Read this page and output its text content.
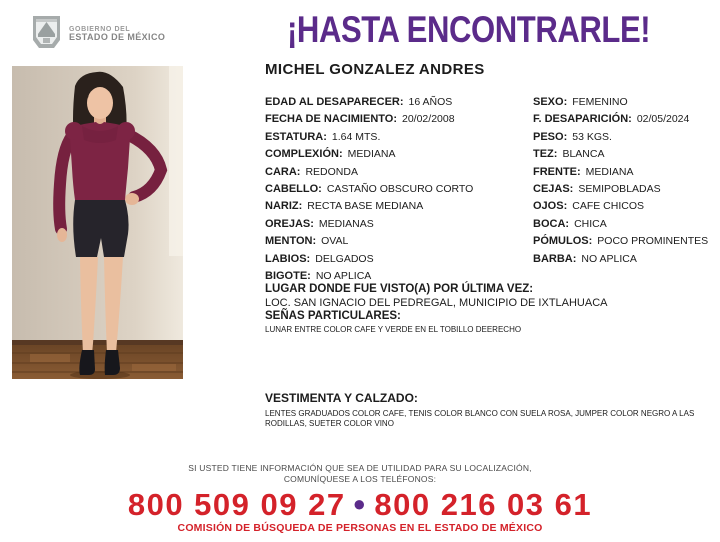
GOBIERNO DEL
ESTADO DE MÉXICO	¡HASTA ENCONTRARLE!
MICHEL GONZALEZ ANDRES
EDAD AL DESAPARECER: 16 AÑOS
FECHA DE NACIMIENTO: 20/02/2008
ESTATURA: 1.64 MTS.
COMPLEXIÓN: MEDIANA
CARA: REDONDA
CABELLO: CASTAÑO OBSCURO CORTO
NARIZ: RECTA BASE MEDIANA
OREJAS: MEDIANAS
MENTON: OVAL
LABIOS: DELGADOS
BIGOTE: NO APLICA
SEXO: FEMENINO
F. DESAPARICIÓN: 02/05/2024
PESO: 53 KGS.
TEZ: BLANCA
FRENTE: MEDIANA
CEJAS: SEMIPOBLADAS
OJOS: CAFE CHICOS
BOCA: CHICA
PÓMULOS: POCO PROMINENTES
BARBA: NO APLICA
LUGAR DONDE FUE VISTO(A) POR ÚLTIMA VEZ:
LOC. SAN IGNACIO DEL PEDREGAL, MUNICIPIO DE IXTLAHUACA
SEÑAS PARTICULARES:
LUNAR ENTRE COLOR CAFE Y VERDE EN EL TOBILLO DEERECHO
VESTIMENTA Y CALZADO:
LENTES GRADUADOS COLOR CAFE, TENIS COLOR BLANCO CON SUELA ROSA, JUMPER COLOR NEGRO A LAS RODILLAS, SUETER COLOR VINO
SI USTED TIENE INFORMACIÓN QUE SEA DE UTILIDAD PARA SU LOCALIZACIÓN,
COMUNÍQUESE A LOS TELÉFONOS:
800 509 09 27 ● 800 216 03 61
COMISIÓN DE BÚSQUEDA DE PERSONAS EN EL ESTADO DE MÉXICO
